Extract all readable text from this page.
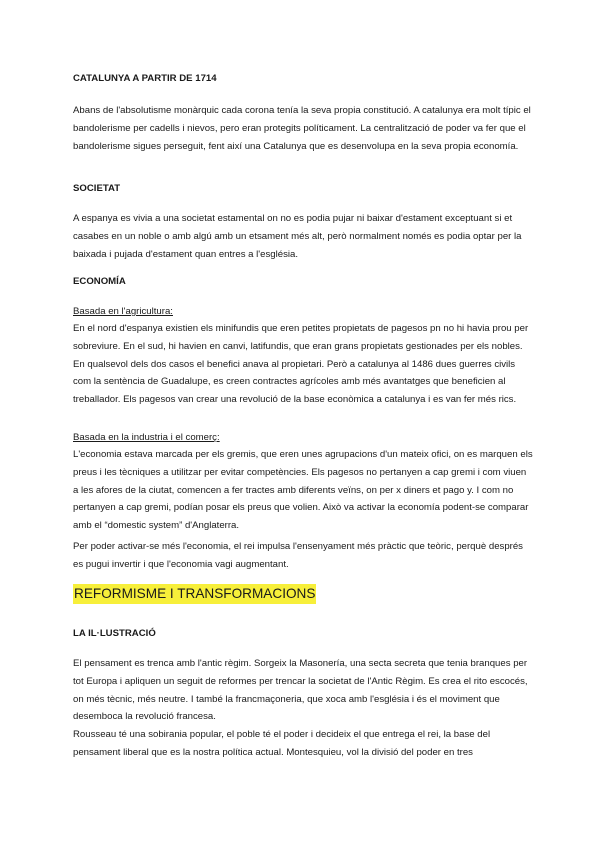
CATALUNYA A PARTIR DE 1714

Abans de l'absolutisme monàrquic cada corona tenía la seva propia constitució. A catalunya era molt típic el bandolerisme per cadells i nievos, pero eran protegits políticament. La centralització de poder va fer que el bandolerisme sigues perseguit, fent així una Catalunya que es desenvolupa en la seva propia economía.

SOCIETAT

A espanya es vivia a una societat estamental on no es podia pujar ni baixar d'estament exceptuant si et casabes en un noble o amb algú amb un etsament més alt, però normalment només es podia optar per la baixada i pujada d'estament quan entres a l'església.

ECONOMÍA

Basada en l'agricultura:

En el nord d'espanya existien els minifundis que eren petites propietats de pagesos pn no hi havia prou per sobreviure. En el sud, hi havien en canvi, latifundis, que eran grans propietats gestionades per els nobles. En qualsevol dels dos casos el benefici anava al propietari. Però a catalunya al 1486 dues guerres civils com la sentència de Guadalupe, es creen contractes agrícoles amb més avantatges que beneficien al treballador. Els pagesos van crear una revolució de la base econòmica a catalunya i es van fer més rics.

Basada en la industria i el comerç:

L'economia estava marcada per els gremis, que eren unes agrupacions d'un mateix ofici, on es marquen els preus i les tècniques a utilitzar per evitar competències. Els pagesos no pertanyen a cap gremi i com viuen a les afores de la ciutat, comencen a fer tractes amb diferents veïns, on per x diners et pago y. I com no pertanyen a cap gremi, podían posar els preus que volien. Això va activar la economía podent-se comparar amb el “domestic system” d'Anglaterra.

Per poder activar-se més l'economia, el rei impulsa l'ensenyament més pràctic que teòric, perquè després es pugui invertir i que l'economia vagi augmentant.

REFORMISME I TRANSFORMACIONS

LA IL·LUSTRACIÓ

El pensament es trenca amb l'antic règim. Sorgeix la Masonería, una secta secreta que tenia branques per tot Europa i apliquen un seguit de reformes per trencar la societat de l'Antic Règim. Es crea el rito escocés, on més tècnic, més neutre. I també la francmaçoneria, que xoca amb l'església i és el moviment que desemboca la revolució francesa.

Rousseau té una sobirania popular, el poble té el poder i decideix el que entrega el rei, la base del pensament liberal que es la nostra política actual. Montesquieu, vol la divisió del poder en tres
